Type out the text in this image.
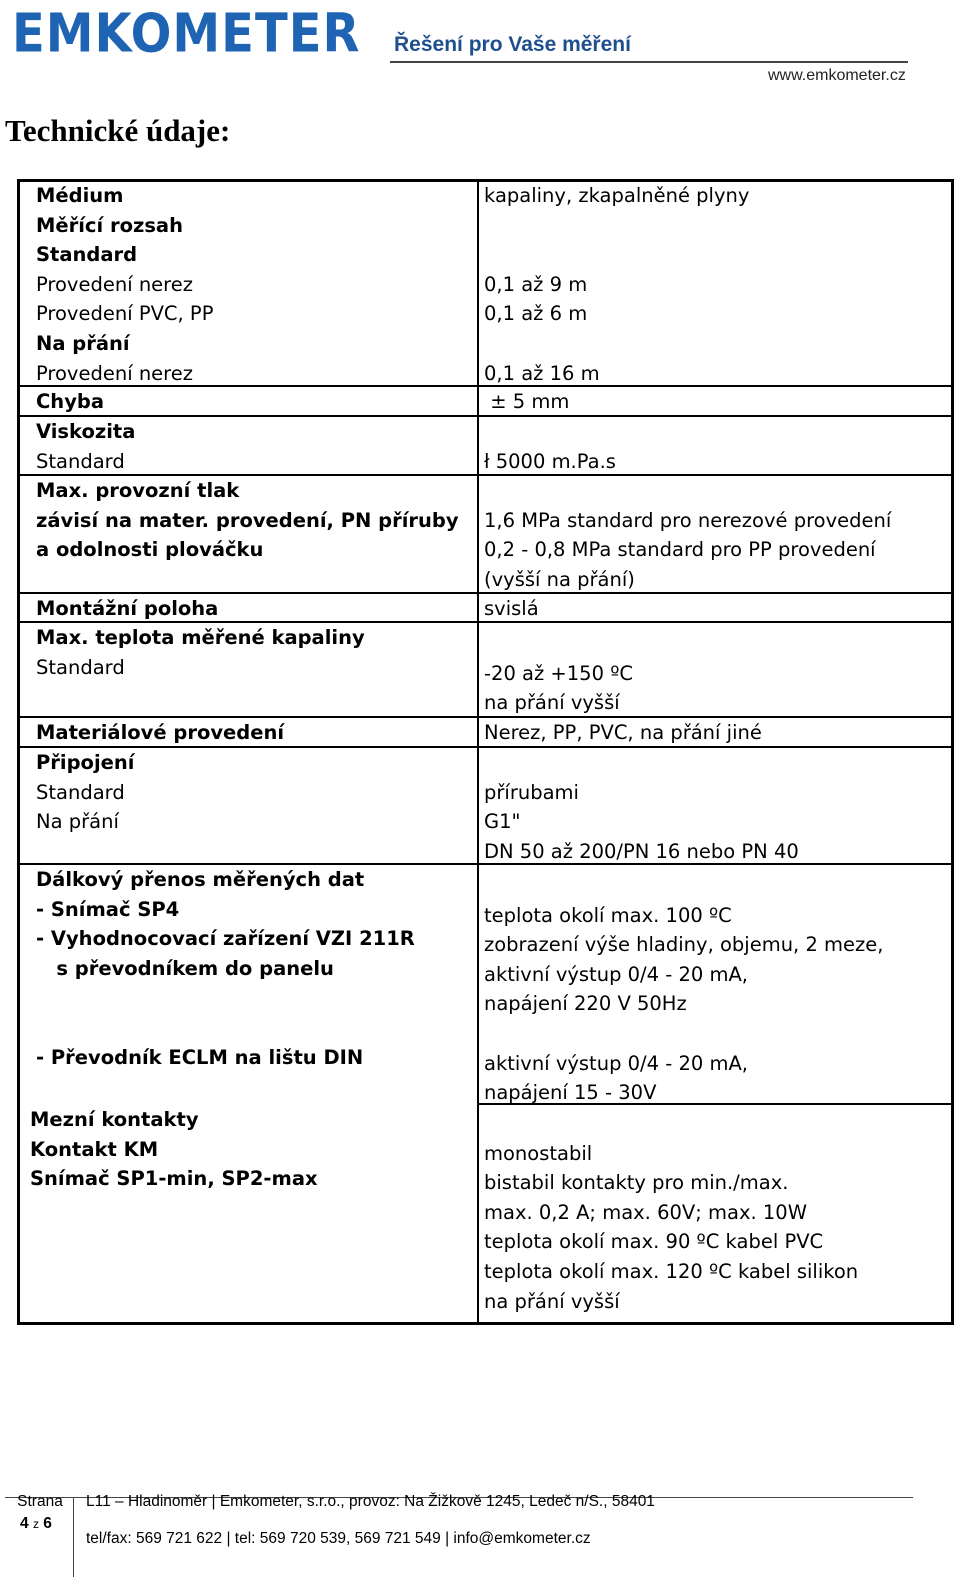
EMKOMETER Řešení pro Vaše měření
www.emkometer.cz
Technické údaje:
Médium
Měřící rozsah
Standard
Provedení nerez
Provedení PVC, PP
Na přání
Provedení nerez
Chyba
Viskozita
Standard
Max. provozní tlak
závisí na mater. provedení, PN příruby
a odolnosti plováčku
Montážní poloha
Max. teplota měřené kapaliny
Standard
Materiálové provedení
Připojení
Standard
Na přání
Dálkový přenos měřených dat
- Snímač SP4
- Vyhodnocovací zařízení VZI 211R
s převodníkem do panelu
- Převodník ECLM na lištu DIN
Mezní kontakty
Kontakt KM
Snímač SP1-min, SP2-max
kapaliny, zkapalněné plyny
0,1 až 9 m
0,1 až 6 m
0,1 až 16 m
± 5 mm
ł 5000 m.Pa.s
1,6 MPa standard pro nerezové provedení
0,2 - 0,8 MPa standard pro PP provedení
(vyšší na přání)
svislá
-20 až +150 ºC
na přání vyšší
Nerez, PP, PVC, na přání jiné
přírubami
G1"
DN 50 až 200/PN 16 nebo PN 40
teplota okolí max. 100 ºC
zobrazení výše hladiny, objemu, 2 meze,
aktivní výstup 0/4 - 20 mA,
napájení 220 V 50Hz
aktivní výstup 0/4 - 20 mA,
napájení 15 - 30V
monostabil
bistabil kontakty pro min./max.
max. 0,2 A; max. 60V; max. 10W
teplota okolí max. 90 ºC kabel PVC
teplota okolí max. 120 ºC kabel silikon
na přání vyšší
Strana
4 z 6
L11 – Hladinoměr | Emkometer, s.r.o., provoz: Na Žižkově 1245, Ledeč n/S., 58401
tel/fax: 569 721 622 | tel: 569 720 539, 569 721 549 | info@emkometer.cz
